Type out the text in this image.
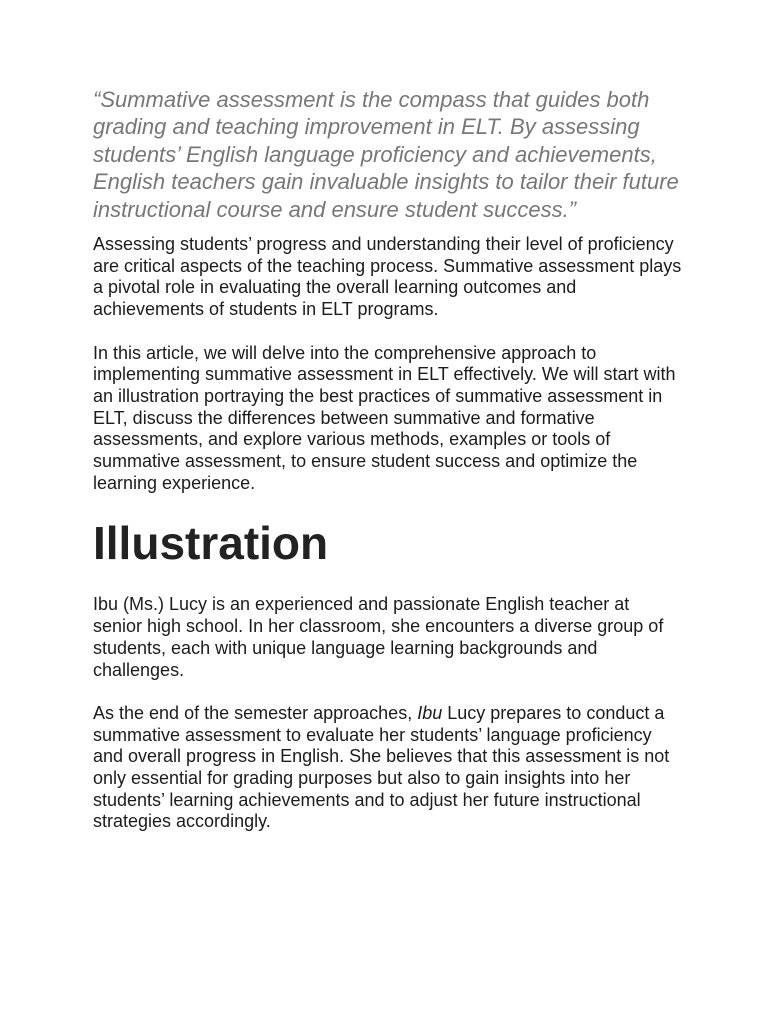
“Summative assessment is the compass that guides both grading and teaching improvement in ELT. By assessing students’ English language proficiency and achievements, English teachers gain invaluable insights to tailor their future instructional course and ensure student success.”

Assessing students’ progress and understanding their level of proficiency are critical aspects of the teaching process. Summative assessment plays a pivotal role in evaluating the overall learning outcomes and achievements of students in ELT programs.

In this article, we will delve into the comprehensive approach to implementing summative assessment in ELT effectively. We will start with an illustration portraying the best practices of summative assessment in ELT, discuss the differences between summative and formative assessments, and explore various methods, examples or tools of summative assessment, to ensure student success and optimize the learning experience.

Illustration

Ibu (Ms.) Lucy is an experienced and passionate English teacher at senior high school. In her classroom, she encounters a diverse group of students, each with unique language learning backgrounds and challenges.

As the end of the semester approaches, Ibu Lucy prepares to conduct a summative assessment to evaluate her students’ language proficiency and overall progress in English. She believes that this assessment is not only essential for grading purposes but also to gain insights into her students’ learning achievements and to adjust her future instructional strategies accordingly.
